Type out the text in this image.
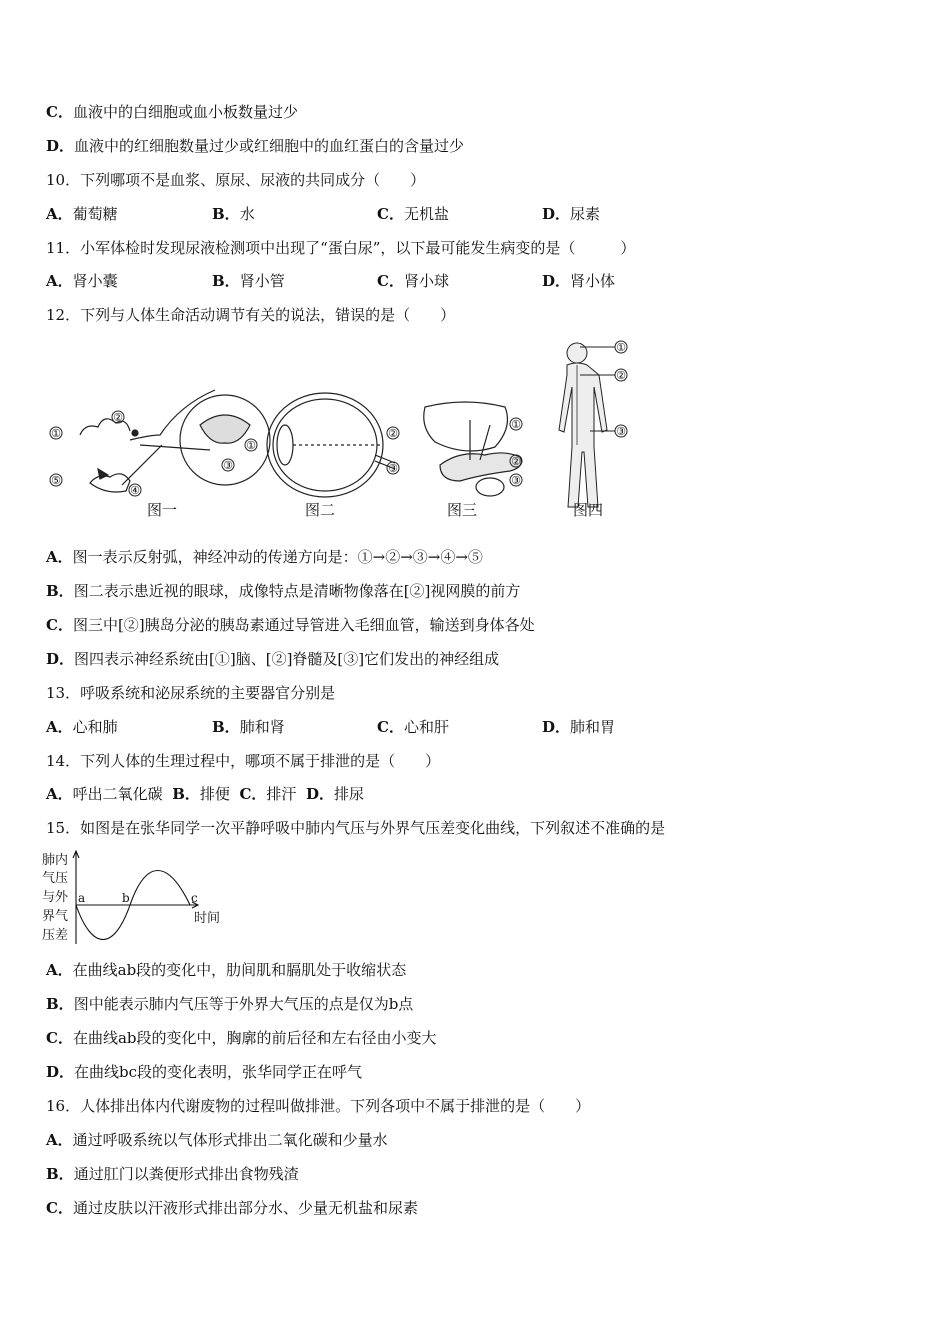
C．血液中的白细胞或血小板数量过少
D．血液中的红细胞数量过少或红细胞中的血红蛋白的含量过少
10．下列哪项不是血浆、原尿、尿液的共同成分（　　）
A．葡萄糖	B．水	C．无机盐	D．尿素
11．小军体检时发现尿液检测项中出现了“蛋白尿”，以下最可能发生病变的是（　　　）
A．肾小囊	B．肾小管	C．肾小球	D．肾小体
12．下列与人体生命活动调节有关的说法，错误的是（　　）
①
②
③
④
⑤
①
②
③
①
②
③
①
②
③
图一	图二	图三	图四
A．图一表示反射弧，神经冲动的传递方向是：①→②→③→④→⑤
B．图二表示患近视的眼球，成像特点是清晰物像落在[②]视网膜的前方
C．图三中[②]胰岛分泌的胰岛素通过导管进入毛细血管，输送到身体各处
D．图四表示神经系统由[①]脑、[②]脊髓及[③]它们发出的神经组成
13．呼吸系统和泌尿系统的主要器官分别是
A．心和肺	B．肺和肾	C．心和肝	D．肺和胃
14．下列人体的生理过程中，哪项不属于排泄的是（　　）
A．呼出二氧化碳 B．排便 C．排汗 D．排尿
15．如图是在张华同学一次平静呼吸中肺内气压与外界气压差变化曲线，下列叙述不准确的是
肺内
气压
与外
界气
压差
a	b	c
时间
A．在曲线ab段的变化中，肋间肌和膈肌处于收缩状态
B．图中能表示肺内气压等于外界大气压的点是仅为b点
C．在曲线ab段的变化中，胸廓的前后径和左右径由小变大
D．在曲线bc段的变化表明，张华同学正在呼气
16．人体排出体内代谢废物的过程叫做排泄。下列各项中不属于排泄的是（　　）
A．通过呼吸系统以气体形式排出二氧化碳和少量水
B．通过肛门以粪便形式排出食物残渣
C．通过皮肤以汗液形式排出部分水、少量无机盐和尿素
